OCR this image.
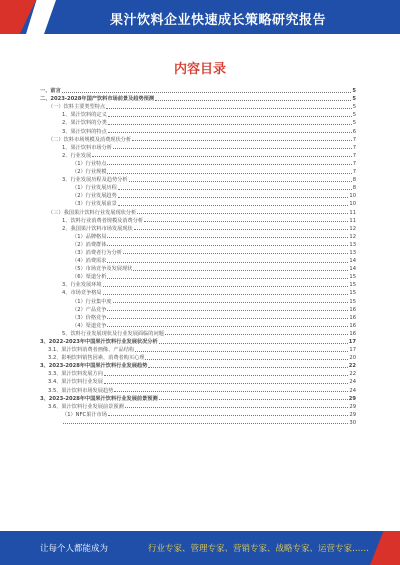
果汁饮料企业快速成长策略研究报告
内容目录
一、前言	5
二、2023-2028年国产饮料市场前景及趋势预测	5
（一）饮料主要类型特点	5
1、果汁饮料的定义	5
2、果汁饮料的分类	5
3、果汁饮料的特点	6
（二）饮料市场规模及消费现状分析	7
1、果汁饮料市场分析	7
2、行业发展	7
（1）行业特点	7
（2）行业规模	7
3、行业发展历程及趋势分析	8
（1）行业发展历程	8
（2）行业发展趋势	10
（3）行业发展前景	10
（三）我国果汁饮料行业发展现状分析	11
1、饮料行业消费者规模及消费分析	11
2、我国果汁饮料市场发展现状	12
（1）品牌格局	12
（2）消费群体	13
（3）消费者行为分析	13
（4）消费需求	14
（5）市场竞争及发展现状	14
（6）渠道分析	15
3、行业发展环境	15
4、市场竞争格局	15
（1）行业集中度	15
（2）产品竞争	16
（3）价格竞争	16
（4）渠道竞争	16
5、饮料行业发展现状及行业发展面临的问题	16
3、2022-2023年中国果汁饮料行业发展状况分析	17
3.1、果汁饮料消费者画像、产品结构	17
3.2、影响饮料销售因素、消费者购买心理	20
3、2023-2028年中国果汁饮料行业发展趋势	22
3.3、果汁饮料发展方向	22
3.4、果汁饮料行业发展	24
3.5、果汁饮料市场发展趋势	24
3、2023-2028年中国果汁饮料行业发展前景预测	29
3.6、果汁饮料行业发展前景预测	29
（1）NFC果汁市场	29
30
让每个人都能成为	行业专家、管理专家、营销专家、战略专家、运营专家……
